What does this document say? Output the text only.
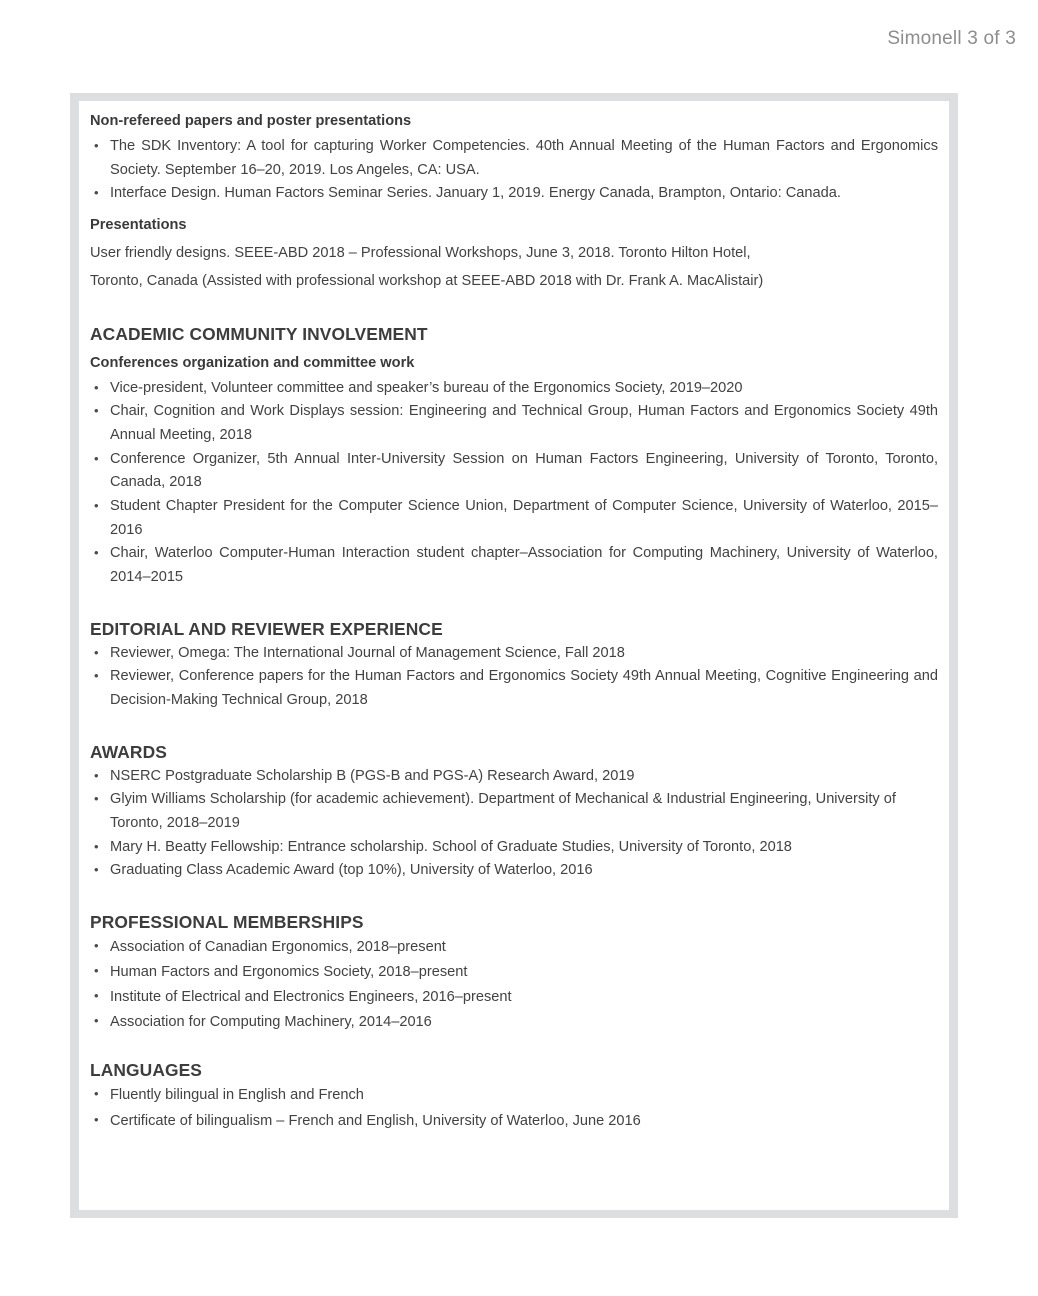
Simonell 3 of 3
Non-refereed papers and poster presentations
• The SDK Inventory: A tool for capturing Worker Competencies. 40th Annual Meeting of the Human Factors and Ergonomics Society. September 16–20, 2019. Los Angeles, CA: USA.
• Interface Design. Human Factors Seminar Series. January 1, 2019. Energy Canada, Brampton, Ontario: Canada.
Presentations

User friendly designs. SEEE-ABD 2018 – Professional Workshops, June 3, 2018. Toronto Hilton Hotel,

Toronto, Canada (Assisted with professional workshop at SEEE-ABD 2018 with Dr. Frank A. MacAlistair)

ACADEMIC COMMUNITY INVOLVEMENT
Conferences organization and committee work
• Vice-president, Volunteer committee and speaker’s bureau of the Ergonomics Society, 2019–2020
• Chair, Cognition and Work Displays session: Engineering and Technical Group, Human Factors and Ergonomics Society 49th Annual Meeting, 2018
• Conference Organizer, 5th Annual Inter-University Session on Human Factors Engineering, University of Toronto, Toronto, Canada, 2018
• Student Chapter President for the Computer Science Union, Department of Computer Science, University of Waterloo, 2015–2016
• Chair, Waterloo Computer-Human Interaction student chapter–Association for Computing Machinery, University of Waterloo, 2014–2015
EDITORIAL AND REVIEWER EXPERIENCE
• Reviewer, Omega: The International Journal of Management Science, Fall 2018
• Reviewer, Conference papers for the Human Factors and Ergonomics Society 49th Annual Meeting, Cognitive Engineering and Decision-Making Technical Group, 2018
AWARDS
• NSERC Postgraduate Scholarship B (PGS-B and PGS-A) Research Award, 2019
• Glyim Williams Scholarship (for academic achievement). Department of Mechanical & Industrial Engineering, University of Toronto, 2018–2019
• Mary H. Beatty Fellowship: Entrance scholarship. School of Graduate Studies, University of Toronto, 2018
• Graduating Class Academic Award (top 10%), University of Waterloo, 2016
PROFESSIONAL MEMBERSHIPS
• Association of Canadian Ergonomics, 2018–present
• Human Factors and Ergonomics Society, 2018–present
• Institute of Electrical and Electronics Engineers, 2016–present
• Association for Computing Machinery, 2014–2016
LANGUAGES
• Fluently bilingual in English and French
• Certificate of bilingualism – French and English, University of Waterloo, June 2016
